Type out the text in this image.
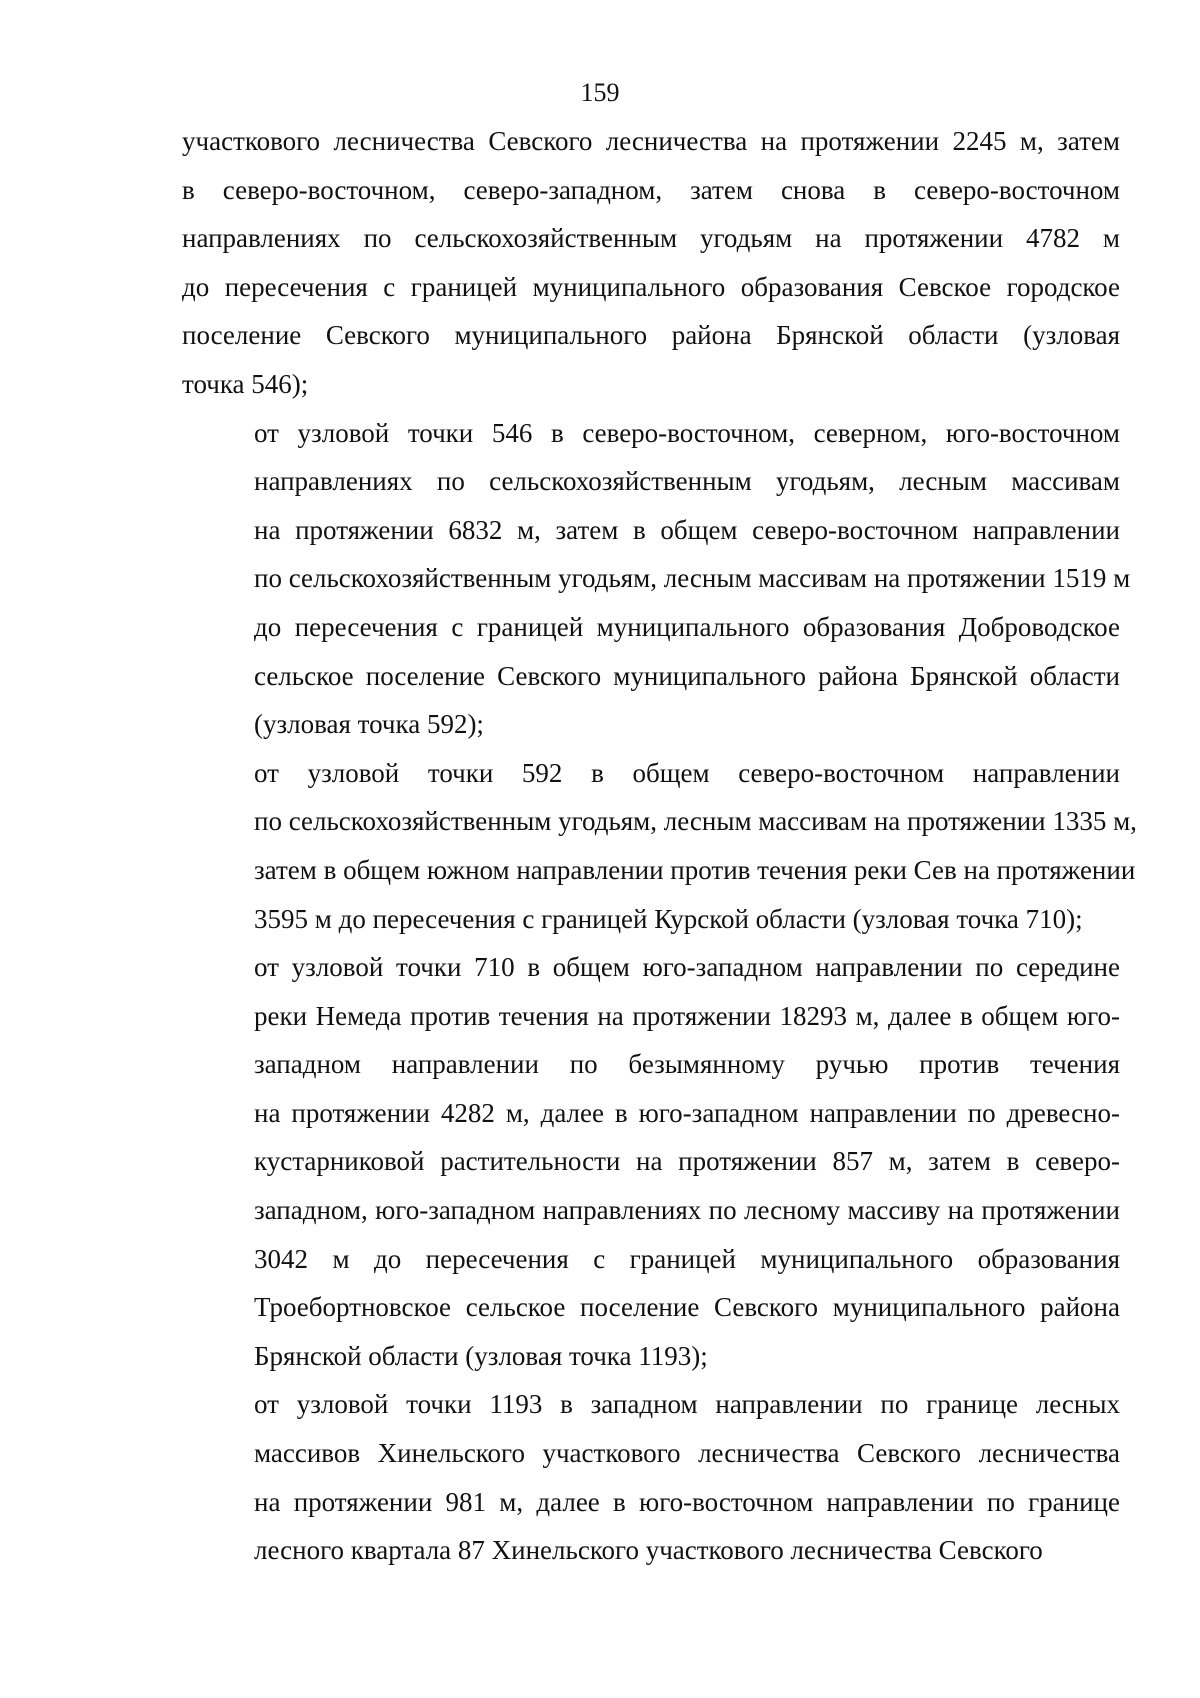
159

участкового лесничества Севского лесничества на протяжении 2245 м, затем
в северо-восточном, северо-западном, затем снова в северо-восточном
направлениях по сельскохозяйственным угодьям на протяжении 4782 м
до пересечения с границей муниципального образования Севское городское
поселение Севского муниципального района Брянской области (узловая
точка 546);

от узловой точки 546 в северо-восточном, северном, юго-восточном
направлениях по сельскохозяйственным угодьям, лесным массивам
на протяжении 6832 м, затем в общем северо-восточном направлении
по сельскохозяйственным угодьям, лесным массивам на протяжении 1519 м
до пересечения с границей муниципального образования Доброводское
сельское поселение Севского муниципального района Брянской области
(узловая точка 592);

от узловой точки 592 в общем северо-восточном направлении
по сельскохозяйственным угодьям, лесным массивам на протяжении 1335 м,
затем в общем южном направлении против течения реки Сев на протяжении
3595 м до пересечения с границей Курской области (узловая точка 710);

от узловой точки 710 в общем юго-западном направлении по середине
реки Немеда против течения на протяжении 18293 м, далее в общем юго-
западном направлении по безымянному ручью против течения
на протяжении 4282 м, далее в юго-западном направлении по древесно-
кустарниковой растительности на протяжении 857 м, затем в северо-
западном, юго-западном направлениях по лесному массиву на протяжении
3042 м до пересечения с границей муниципального образования
Троебортновское сельское поселение Севского муниципального района
Брянской области (узловая точка 1193);

от узловой точки 1193 в западном направлении по границе лесных
массивов Хинельского участкового лесничества Севского лесничества
на протяжении 981 м, далее в юго-восточном направлении по границе
лесного квартала 87 Хинельского участкового лесничества Севского
